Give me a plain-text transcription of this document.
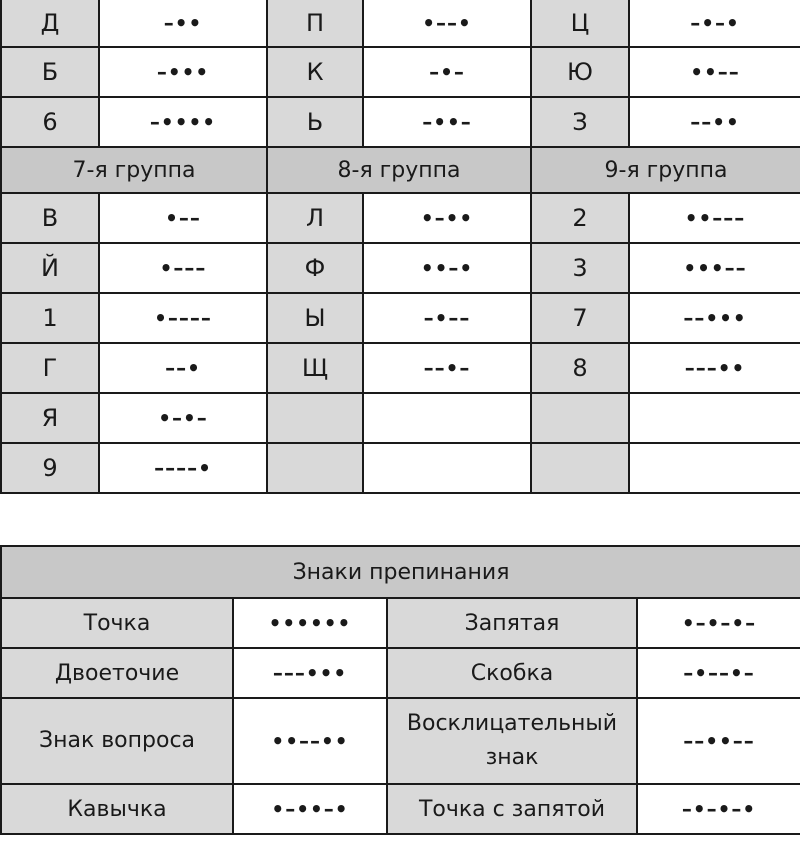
Д	–••	П	•––•	Ц	–•–•
Б	–•••	К	–•–	Ю	••––
6	–••••	Ь	–••–	З	––••
7-я группа		8-я группа		9-я группа	
В	•––	Л	•–••	2	••–––
Й	•–––	Ф	••–•	3	•••––
1	•––––	Ы	–•––	7	––•••
Г	––•	Щ	––•–	8	–––••
Я	•–•–				
9	––––•				
Знаки препинания			
Точка	••••••	Запятая	•–•–•–
Двоеточие	–––•••	Скобка	–•––•–
Знак вопроса	••––••	Восклицательный знак	––••––
Кавычка	•–••–•	Точка с запятой	–•–•–•
